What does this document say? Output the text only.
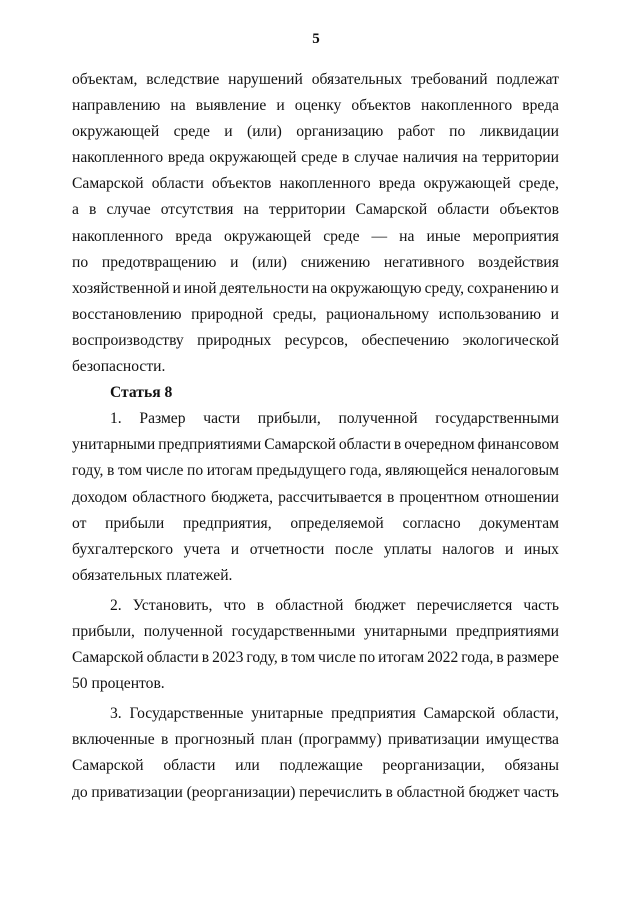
5
объектам, вследствие нарушений обязательных требований подлежат
направлению на выявление и оценку объектов накопленного вреда
окружающей среде и (или) организацию работ по ликвидации
накопленного вреда окружающей среде в случае наличия на территории
Самарской области объектов накопленного вреда окружающей среде,
а в случае отсутствия на территории Самарской области объектов
накопленного вреда окружающей среде — на иные мероприятия
по предотвращению и (или) снижению негативного воздействия
хозяйственной и иной деятельности на окружающую среду, сохранению и
восстановлению природной среды, рациональному использованию и
воспроизводству природных ресурсов, обеспечению экологической
безопасности.
Статья 8
1. Размер части прибыли, полученной государственными
унитарными предприятиями Самарской области в очередном финансовом
году, в том числе по итогам предыдущего года, являющейся неналоговым
доходом областного бюджета, рассчитывается в процентном отношении
от прибыли предприятия, определяемой согласно документам
бухгалтерского учета и отчетности после уплаты налогов и иных
обязательных платежей.
2. Установить, что в областной бюджет перечисляется часть
прибыли, полученной государственными унитарными предприятиями
Самарской области в 2023 году, в том числе по итогам 2022 года, в размере
50 процентов.
3. Государственные унитарные предприятия Самарской области,
включенные в прогнозный план (программу) приватизации имущества
Самарской области или подлежащие реорганизации, обязаны
до приватизации (реорганизации) перечислить в областной бюджет часть
